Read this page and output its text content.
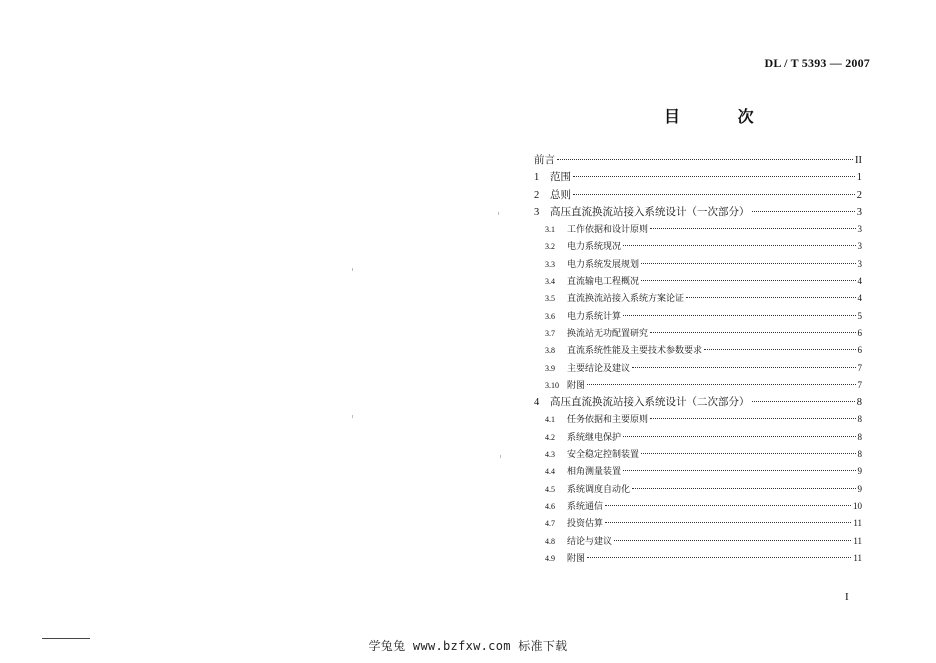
DL / T 5393 — 2007
目 次
前言	II
1	范围	1
2	总则	2
3	高压直流换流站接入系统设计（一次部分）	3
3.1	工作依据和设计原则	3
3.2	电力系统现况	3
3.3	电力系统发展规划	3
3.4	直流输电工程概况	4
3.5	直流换流站接入系统方案论证	4
3.6	电力系统计算	5
3.7	换流站无功配置研究	6
3.8	直流系统性能及主要技术参数要求	6
3.9	主要结论及建议	7
3.10 附图	7
4	高压直流换流站接入系统设计（二次部分）	8
4.1	任务依据和主要原则	8
4.2	系统继电保护	8
4.3	安全稳定控制装置	8
4.4	相角测量装置	9
4.5	系统调度自动化	9
4.6	系统通信	10
4.7	投资估算	11
4.8	结论与建议	11
4.9	附图	11
I
学兔兔 www.bzfxw.com 标准下载
